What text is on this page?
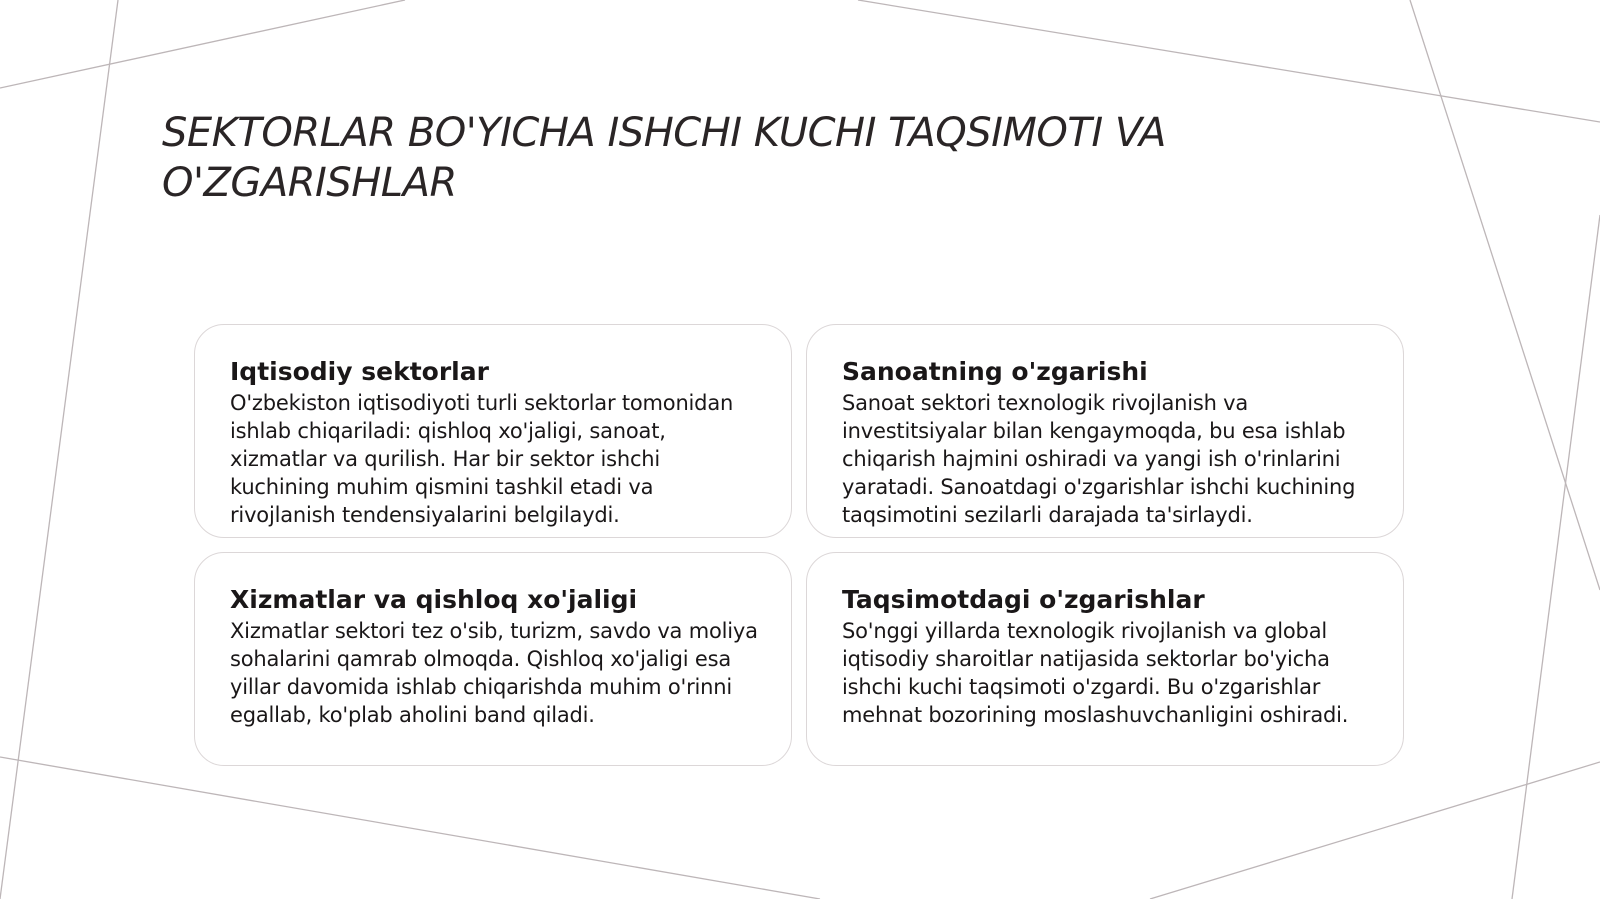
SEKTORLAR BO'YICHA ISHCHI KUCHI TAQSIMOTI VA O'ZGARISHLAR
Iqtisodiy sektorlar

O'zbekiston iqtisodiyoti turli sektorlar tomonidan ishlab chiqariladi: qishloq xo'jaligi, sanoat, xizmatlar va qurilish. Har bir sektor ishchi kuchining muhim qismini tashkil etadi va rivojlanish tendensiyalarini belgilaydi.

Sanoatning o'zgarishi

Sanoat sektori texnologik rivojlanish va investitsiyalar bilan kengaymoqda, bu esa ishlab chiqarish hajmini oshiradi va yangi ish o'rinlarini yaratadi. Sanoatdagi o'zgarishlar ishchi kuchining taqsimotini sezilarli darajada ta'sirlaydi.

Xizmatlar va qishloq xo'jaligi

Xizmatlar sektori tez o'sib, turizm, savdo va moliya sohalarini qamrab olmoqda. Qishloq xo'jaligi esa yillar davomida ishlab chiqarishda muhim o'rinni egallab, ko'plab aholini band qiladi.

Taqsimotdagi o'zgarishlar

So'nggi yillarda texnologik rivojlanish va global iqtisodiy sharoitlar natijasida sektorlar bo'yicha ishchi kuchi taqsimoti o'zgardi. Bu o'zgarishlar mehnat bozorining moslashuvchanligini oshiradi.
